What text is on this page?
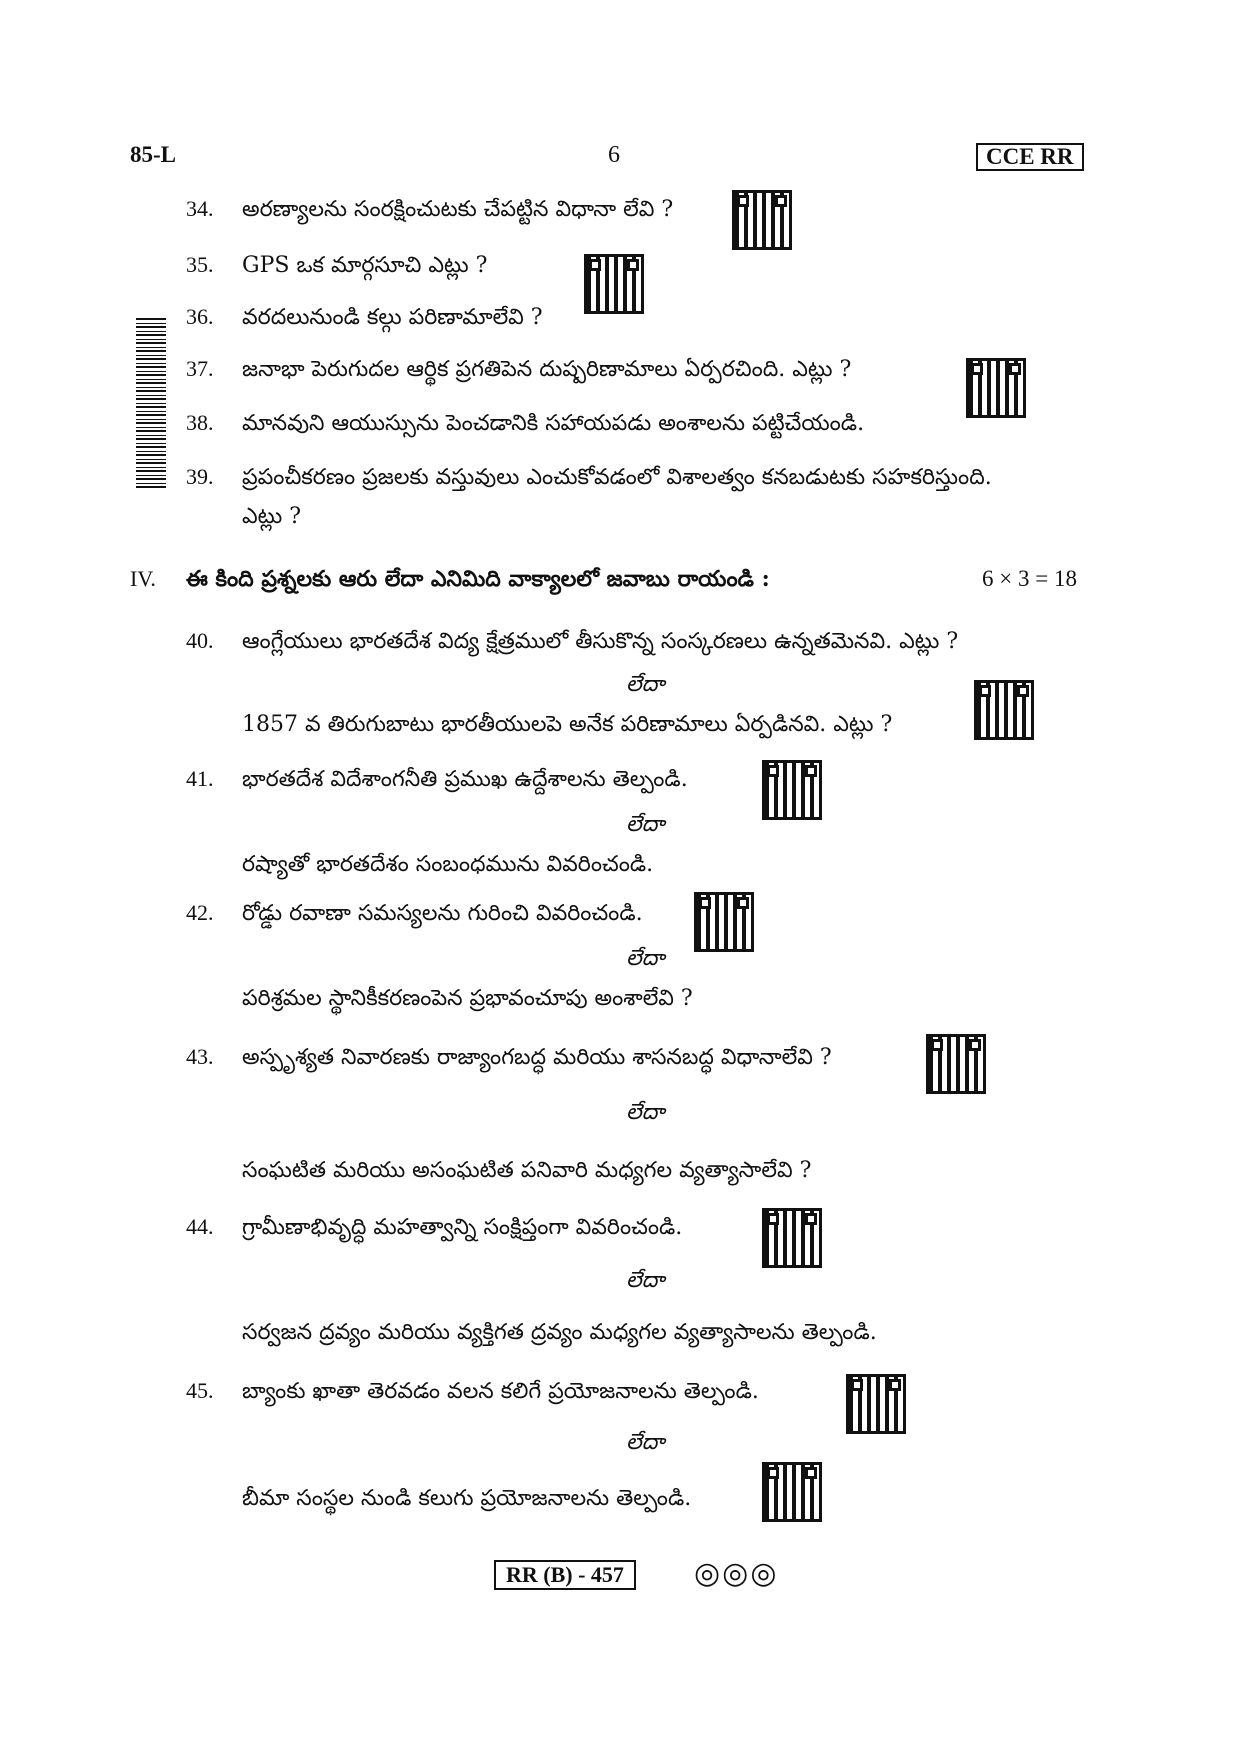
85-L	6	CCE RR
34. అరణ్యాలను సంరక్షించుటకు చేపట్టిన విధానా లేవి ?
35. GPS ఒక మార్గసూచి ఎట్లు ?
36. వరదలునుండి కల్గు పరిణామాలేవి ?
37. జనాభా పెరుగుదల ఆర్థిక ప్రగతిపెన దుష్పరిణామాలు ఏర్పరచింది. ఎట్లు ?
38. మానవుని ఆయుస్సును పెంచడానికి సహాయపడు అంశాలను పట్టిచేయండి.
39. ప్రపంచీకరణం ప్రజలకు వస్తువులు ఎంచుకోవడంలో విశాలత్వం కనబడుటకు సహకరిస్తుంది.
ఎట్లు ?
IV. ఈ కింది ప్రశ్నలకు ఆరు లేదా ఎనిమిది వాక్యాలలో జవాబు రాయండి :	6 × 3 = 18
40. ఆంగ్లేయులు భారతదేశ విద్య క్షేత్రములో తీసుకొన్న సంస్కరణలు ఉన్నతమెనవి. ఎట్లు ?
లేదా
1857 వ తిరుగుబాటు భారతీయులపె అనేక పరిణామాలు ఏర్పడినవి. ఎట్లు ?
41. భారతదేశ విదేశాంగనీతి ప్రముఖ ఉద్దేశాలను తెల్పండి.
లేదా
రష్యాతో భారతదేశం సంబంధమును వివరించండి.
42. రోడ్డు రవాణా సమస్యలను గురించి వివరించండి.
లేదా
పరిశ్రమల స్థానికీకరణంపెన ప్రభావంచూపు అంశాలేవి ?
43. అస్పృశ్యత నివారణకు రాజ్యాంగబద్ధ మరియు శాసనబద్ధ విధానాలేవి ?
లేదా
సంఘటిత మరియు అసంఘటిత పనివారి మధ్యగల వ్యత్యాసాలేవి ?
44. గ్రామీణాభివృద్ధి మహత్వాన్ని సంక్షిప్తంగా వివరించండి.
లేదా
సర్వజన ద్రవ్యం మరియు వ్యక్తిగత ద్రవ్యం మధ్యగల వ్యత్యాసాలను తెల్పండి.
45. బ్యాంకు ఖాతా తెరవడం వలన కలిగే ప్రయోజనాలను తెల్పండి.
లేదా
బీమా సంస్థల నుండి కలుగు ప్రయోజనాలను తెల్పండి.
RR (B) - 457	◎◎◎
